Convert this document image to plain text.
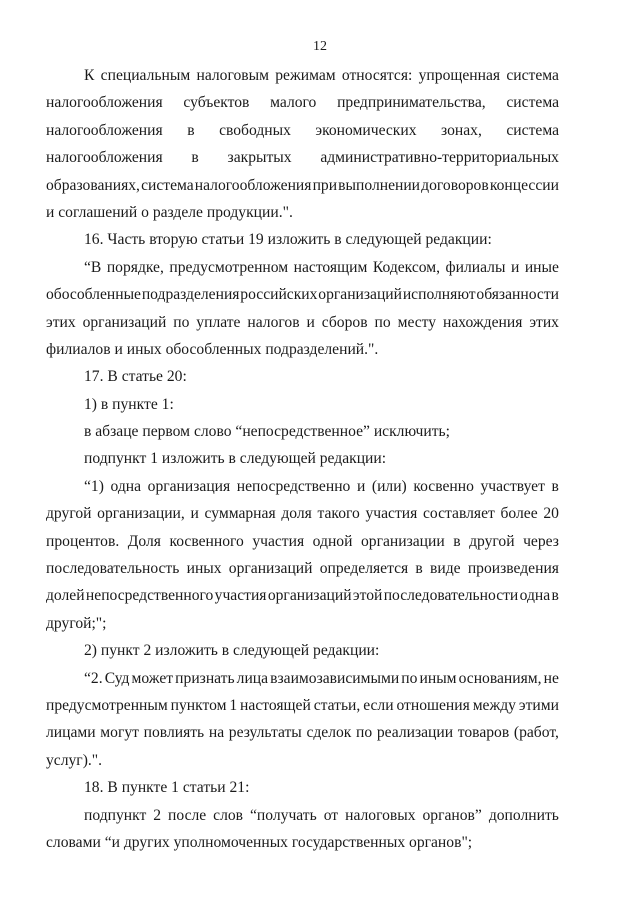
12
К специальным налоговым режимам относятся: упрощенная система
налогообложения субъектов малого предпринимательства, система
налогообложения в свободных экономических зонах, система
налогообложения в закрытых административно-территориальных
образованиях, система налогообложения при выполнении договоров концессии
и соглашений о разделе продукции.".
16. Часть вторую статьи 19 изложить в следующей редакции:
“В порядке, предусмотренном настоящим Кодексом, филиалы и иные
обособленные подразделения российских организаций исполняют обязанности
этих организаций по уплате налогов и сборов по месту нахождения этих
филиалов и иных обособленных подразделений.".
17. В статье 20:
1) в пункте 1:
в абзаце первом слово “непосредственное” исключить;
подпункт 1 изложить в следующей редакции:
“1) одна организация непосредственно и (или) косвенно участвует в
другой организации, и суммарная доля такого участия составляет более 20
процентов. Доля косвенного участия одной организации в другой через
последовательность иных организаций определяется в виде произведения
долей непосредственного участия организаций этой последовательности одна в
другой;";
2) пункт 2 изложить в следующей редакции:
“2. Суд может признать лица взаимозависимыми по иным основаниям, не
предусмотренным пунктом 1 настоящей статьи, если отношения между этими
лицами могут повлиять на результаты сделок по реализации товаров (работ,
услуг).".
18. В пункте 1 статьи 21:
подпункт 2 после слов “получать от налоговых органов” дополнить
словами “и других уполномоченных государственных органов";
